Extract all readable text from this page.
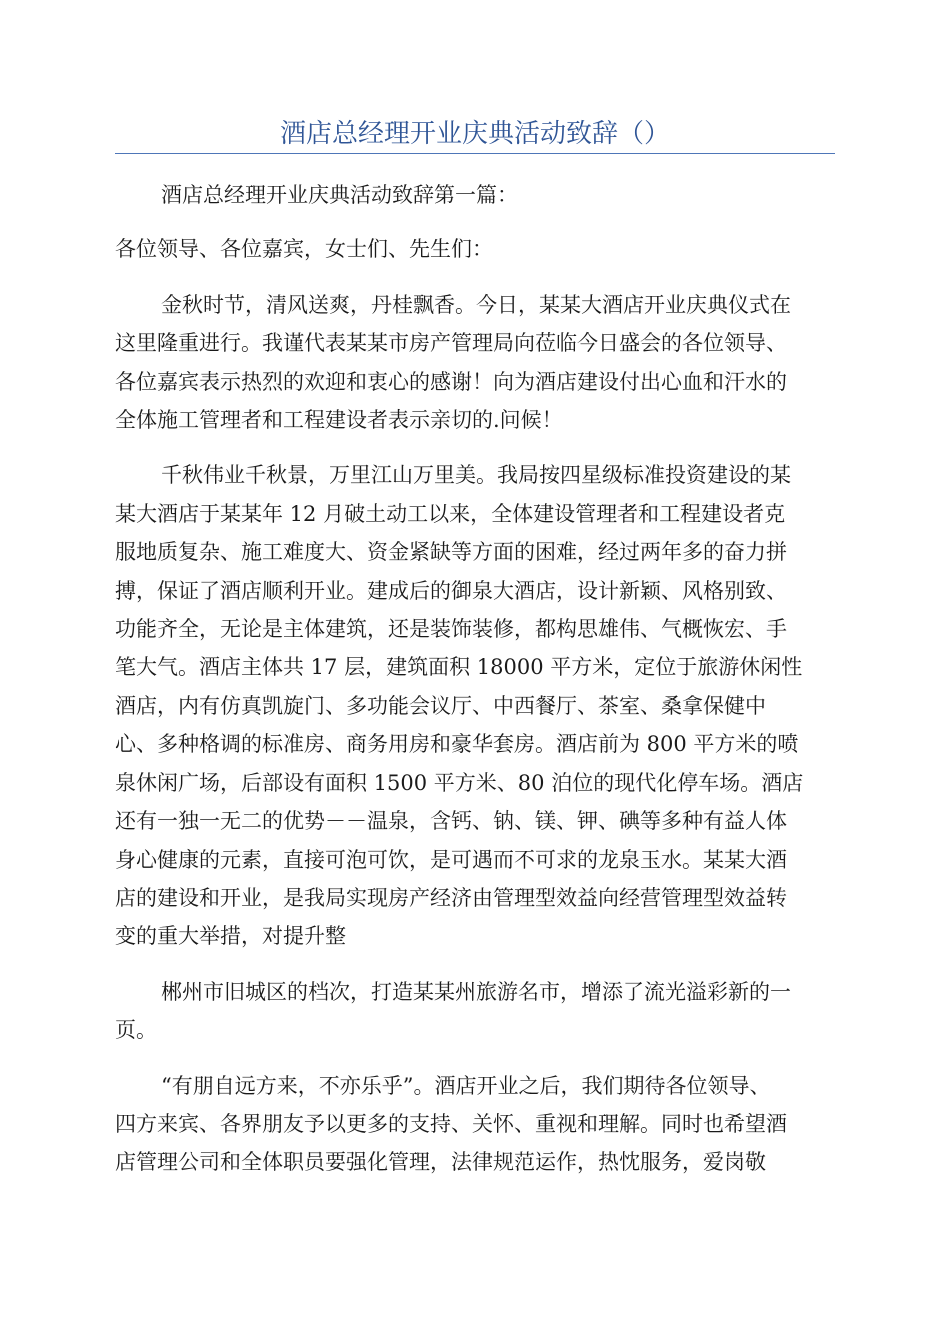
酒店总经理开业庆典活动致辞（）

酒店总经理开业庆典活动致辞第一篇：

各位领导、各位嘉宾，女士们、先生们：

金秋时节，清风送爽，丹桂飘香。今日，某某大酒店开业庆典仪式在
这里隆重进行。我谨代表某某市房产管理局向莅临今日盛会的各位领导、
各位嘉宾表示热烈的欢迎和衷心的感谢！向为酒店建设付出心血和汗水的
全体施工管理者和工程建设者表示亲切的.问候！

千秋伟业千秋景，万里江山万里美。我局按四星级标准投资建设的某
某大酒店于某某年 12 月破土动工以来，全体建设管理者和工程建设者克
服地质复杂、施工难度大、资金紧缺等方面的困难，经过两年多的奋力拼
搏，保证了酒店顺利开业。建成后的御泉大酒店，设计新颖、风格别致、
功能齐全，无论是主体建筑，还是装饰装修，都构思雄伟、气概恢宏、手
笔大气。酒店主体共 17 层，建筑面积 18000 平方米，定位于旅游休闲性
酒店，内有仿真凯旋门、多功能会议厅、中西餐厅、茶室、桑拿保健中
心、多种格调的标准房、商务用房和豪华套房。酒店前为 800 平方米的喷
泉休闲广场，后部设有面积 1500 平方米、80 泊位的现代化停车场。酒店
还有一独一无二的优势－－温泉，含钙、钠、镁、钾、碘等多种有益人体
身心健康的元素，直接可泡可饮，是可遇而不可求的龙泉玉水。某某大酒
店的建设和开业，是我局实现房产经济由管理型效益向经营管理型效益转
变的重大举措，对提升整

郴州市旧城区的档次，打造某某州旅游名市，增添了流光溢彩新的一
页。

“有朋自远方来，不亦乐乎”。酒店开业之后，我们期待各位领导、
四方来宾、各界朋友予以更多的支持、关怀、重视和理解。同时也希望酒
店管理公司和全体职员要强化管理，法律规范运作，热忱服务，爱岗敬
